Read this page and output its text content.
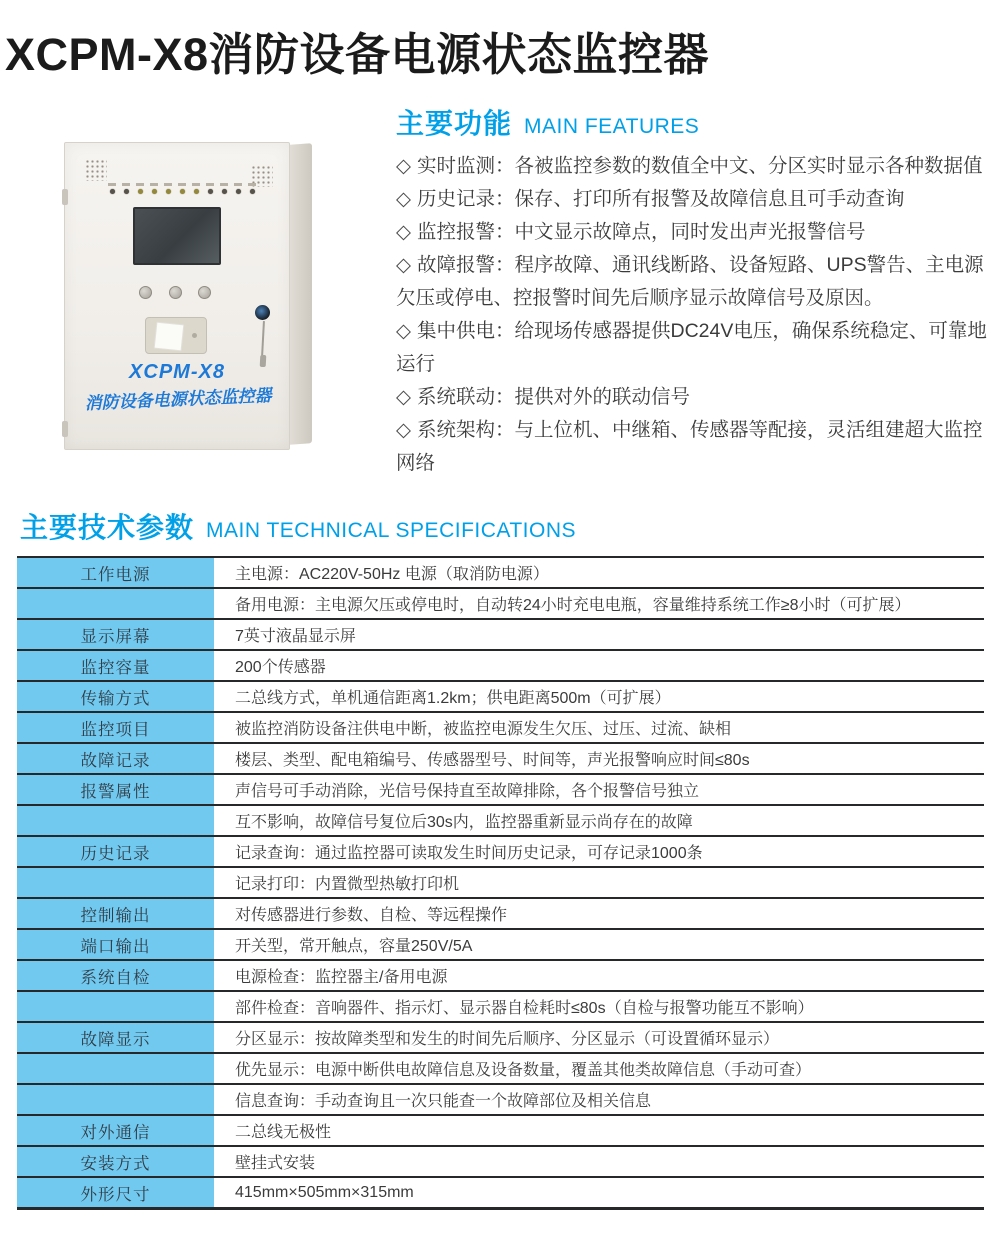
XCPM-X8消防设备电源状态监控器
XCPM-X8
消防设备电源状态监控器
主要功能 MAIN FEATURES
◇ 实时监测：各被监控参数的数值全中文、分区实时显示各种数据值
◇ 历史记录：保存、打印所有报警及故障信息且可手动查询
◇ 监控报警：中文显示故障点，同时发出声光报警信号
◇ 故障报警：程序故障、通讯线断路、设备短路、UPS警告、主电源欠压或停电、控报警时间先后顺序显示故障信号及原因。
◇ 集中供电：给现场传感器提供DC24V电压，确保系统稳定、可靠地运行
◇ 系统联动：提供对外的联动信号
◇ 系统架构：与上位机、中继箱、传感器等配接，灵活组建超大监控网络
主要技术参数 MAIN TECHNICAL SPECIFICATIONS
工作电源	主电源：AC220V-50Hz 电源（取消防电源）
备用电源：主电源欠压或停电时，自动转24小时充电电瓶，容量维持系统工作≥8小时（可扩展）
显示屏幕	7英寸液晶显示屏
监控容量	200个传感器
传输方式	二总线方式，单机通信距离1.2km；供电距离500m（可扩展）
监控项目	被监控消防设备注供电中断，被监控电源发生欠压、过压、过流、缺相
故障记录	楼层、类型、配电箱编号、传感器型号、时间等，声光报警响应时间≤80s
报警属性	声信号可手动消除，光信号保持直至故障排除，各个报警信号独立
互不影响，故障信号复位后30s内，监控器重新显示尚存在的故障
历史记录	记录查询：通过监控器可读取发生时间历史记录，可存记录1000条
记录打印：内置微型热敏打印机
控制输出	对传感器进行参数、自检、等远程操作
端口输出	开关型，常开触点，容量250V/5A
系统自检	电源检查：监控器主/备用电源
部件检查：音响器件、指示灯、显示器自检耗时≤80s（自检与报警功能互不影响）
故障显示	分区显示：按故障类型和发生的时间先后顺序、分区显示（可设置循环显示）
优先显示：电源中断供电故障信息及设备数量，覆盖其他类故障信息（手动可查）
信息查询：手动查询且一次只能查一个故障部位及相关信息
对外通信	二总线无极性
安装方式	壁挂式安装
外形尺寸	415mm×505mm×315mm
